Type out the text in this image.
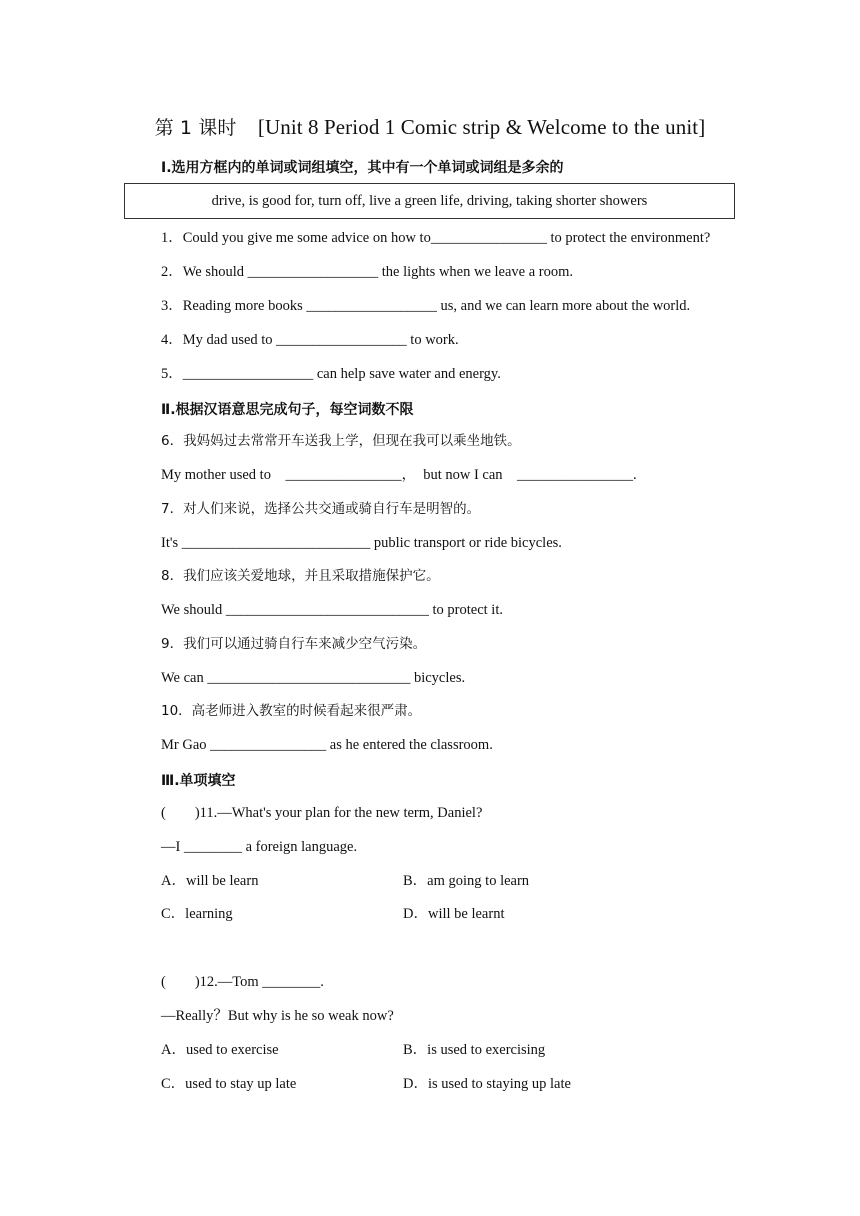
第 1 课时 [Unit 8 Period 1 Comic strip & Welcome to the unit]
Ⅰ.选用方框内的单词或词组填空，其中有一个单词或词组是多余的
drive, is good for, turn off, live a green life, driving, taking shorter showers
1．Could you give me some advice on how to________________ to protect the environment?
2．We should __________________ the lights when we leave a room.
3．Reading more books __________________ us, and we can learn more about the world.
4．My dad used to __________________ to work.
5．__________________ can help save water and energy.
Ⅱ.根据汉语意思完成句子，每空词数不限
6．我妈妈过去常常开车送我上学，但现在我可以乘坐地铁。
My mother used to    ________________，  but now I can    ________________.
7．对人们来说，选择公共交通或骑自行车是明智的。
It's __________________________ public transport or ride bicycles.
8．我们应该关爱地球，并且采取措施保护它。
We should ____________________________ to protect it.
9．我们可以通过骑自行车来减少空气污染。
We can ____________________________ bicycles.
10．高老师进入教室的时候看起来很严肃。
Mr Gao ________________ as he entered the classroom.
Ⅲ.单项填空
(        )11.—What's your plan for the new term, Daniel?
—I ________ a foreign language.
A．will be learn	B．am going to learn
C．learning	D．will be learnt
(        )12.—Tom ________.
—Really？But why is he so weak now?
A．used to exercise	B．is used to exercising
C．used to stay up late	D．is used to staying up late
